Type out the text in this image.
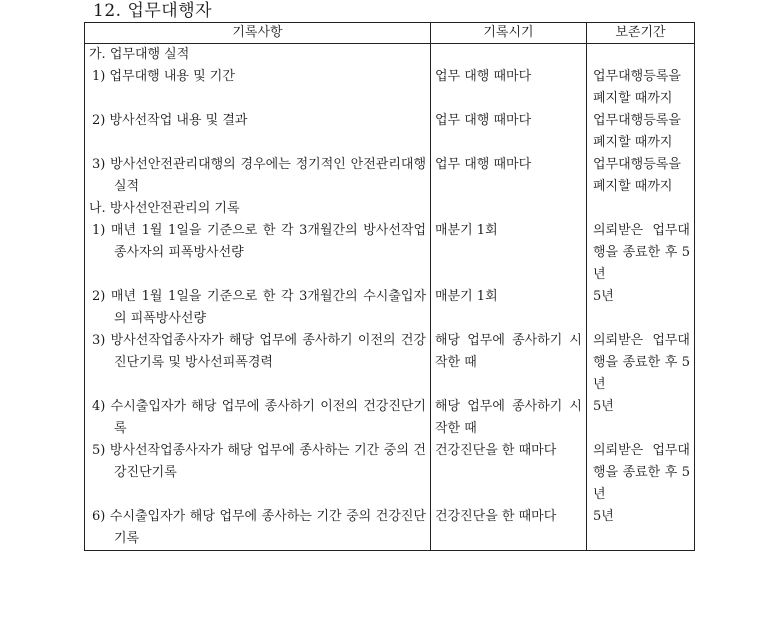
12. 업무대행자
기록사항	기록시기	보존기간
가. 업무대행 실적		

1) 업무대행 내용 및 기간	업무 대행 때마다	업무대행등록을 폐지할 때까지

2) 방사선작업 내용 및 결과	업무 대행 때마다	업무대행등록을 폐지할 때까지

3) 방사선안전관리대행의 경우에는 정기적인 안전관리대행 실적	업무 대행 때마다	업무대행등록을 폐지할 때까지

나. 방사선안전관리의 기록		

1) 매년 1월 1일을 기준으로 한 각 3개월간의 방사선작업종사자의 피폭방사선량	매분기 1회	의뢰받은 업무대행을 종료한 후 5년

2) 매년 1월 1일을 기준으로 한 각 3개월간의 수시출입자의 피폭방사선량	매분기 1회	5년

3) 방사선작업종사자가 해당 업무에 종사하기 이전의 건강진단기록 및 방사선피폭경력	해당 업무에 종사하기 시작한 때	의뢰받은 업무대행을 종료한 후 5년

4) 수시출입자가 해당 업무에 종사하기 이전의 건강진단기록	해당 업무에 종사하기 시작한 때	5년

5) 방사선작업종사자가 해당 업무에 종사하는 기간 중의 건강진단기록	건강진단을 한 때마다	의뢰받은 업무대행을 종료한 후 5년

6) 수시출입자가 해당 업무에 종사하는 기간 중의 건강진단기록	건강진단을 한 때마다	5년
